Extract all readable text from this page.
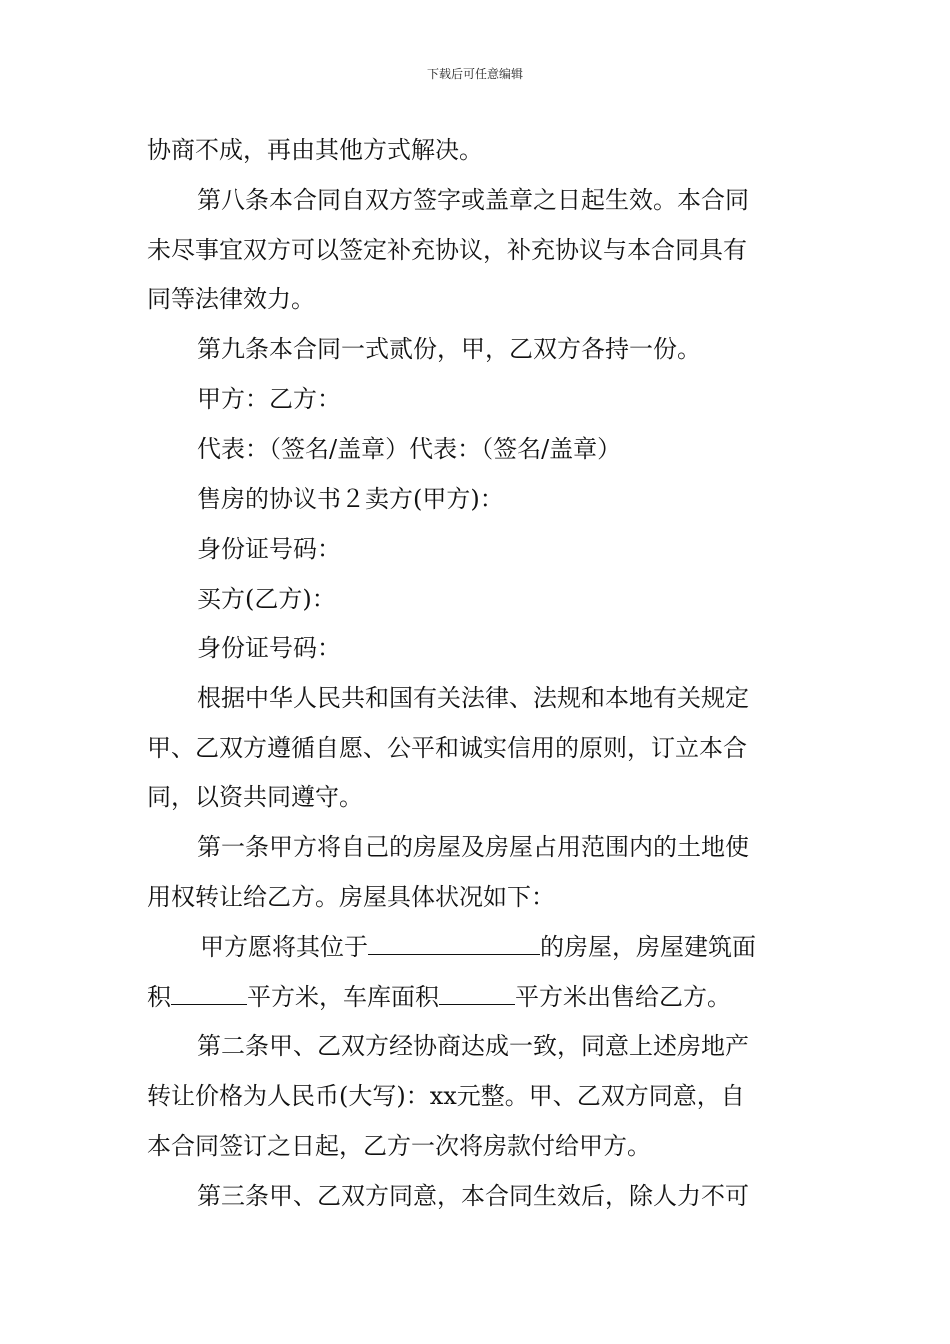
下载后可任意编辑
协商不成，再由其他方式解决。
第八条本合同自双方签字或盖章之日起生效。本合同
未尽事宜双方可以签定补充协议，补充协议与本合同具有
同等法律效力。
第九条本合同一式贰份，甲，乙双方各持一份。
甲方：乙方：
代表：（签名/盖章）代表：（签名/盖章）
售房的协议书２卖方(甲方)：
身份证号码：
买方(乙方)：
身份证号码：
根据中华人民共和国有关法律、法规和本地有关规定
甲、乙双方遵循自愿、公平和诚实信用的原则，订立本合
同，以资共同遵守。
第一条甲方将自己的房屋及房屋占用范围内的土地使
用权转让给乙方。房屋具体状况如下：
甲方愿将其位于	的房屋，房屋建筑面
积	平方米，车库面积	平方米出售给乙方。
第二条甲、乙双方经协商达成一致，同意上述房地产
转让价格为人民币(大写)：xx元整。甲、乙双方同意，自
本合同签订之日起，乙方一次将房款付给甲方。
第三条甲、乙双方同意，本合同生效后，除人力不可
